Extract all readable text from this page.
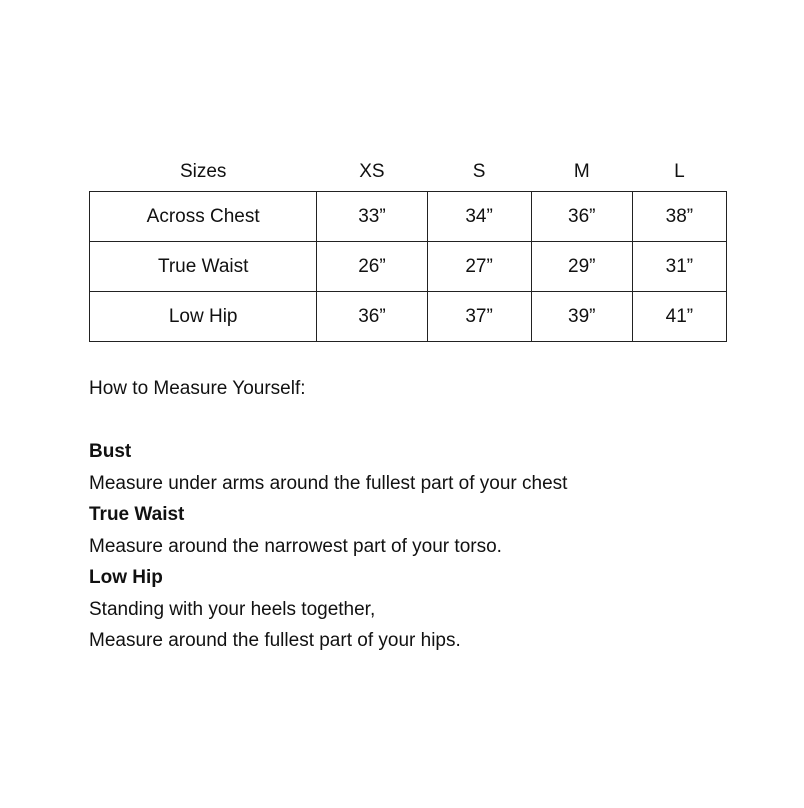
Sizes	XS	S	M	L
Across Chest	33”	34”	36”	38”
True Waist	26”	27”	29”	31”
Low Hip	36”	37”	39”	41”

How to Measure Yourself:

Bust

Measure under arms around the fullest part of your chest

True Waist

Measure around the narrowest part of your torso.

Low Hip

Standing with your heels together,

Measure around the fullest part of your hips.
